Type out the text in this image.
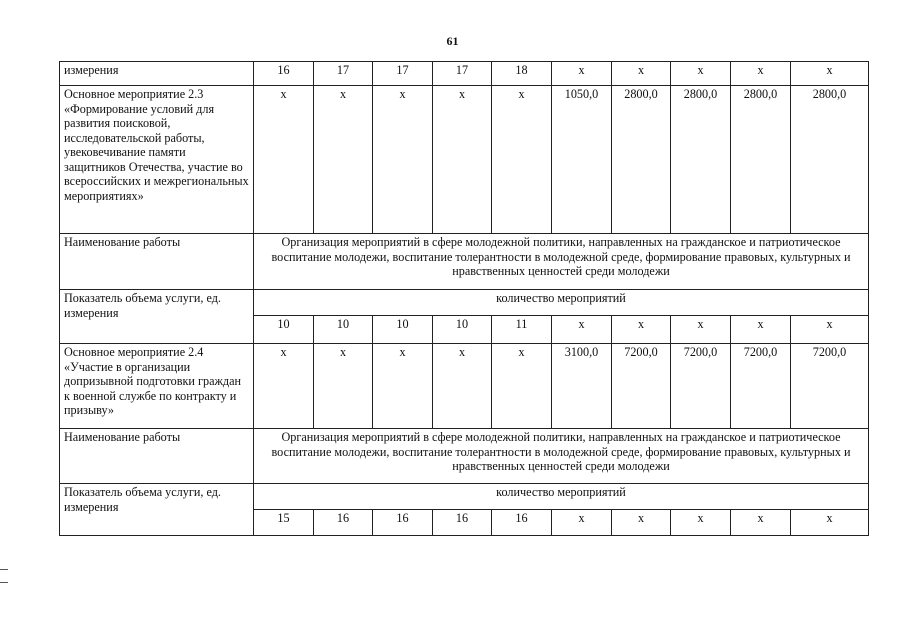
61
измерения	16	17	17	17	18	х	х	х	х	х
Основное мероприятие 2.3 «Формирование условий для развития поисковой, исследовательской работы, увековечивание памяти защитников Отечества, участие во всероссийских и межрегиональных мероприятиях»	х	х	х	х	х	1050,0	2800,0	2800,0	2800,0	2800,0
Наименование работы	Организация мероприятий в сфере молодежной политики, направленных на гражданское и патриотическое воспитание молодежи, воспитание толерантности в молодежной среде, формирование правовых, культурных и нравственных ценностей среди молодежи									
Показатель объема услуги, ед. измерения	количество мероприятий									
	10	10	10	10	11	х	х	х	х	х
Основное мероприятие 2.4 «Участие в организации допризывной подготовки граждан к военной службе по контракту и призыву»	х	х	х	х	х	3100,0	7200,0	7200,0	7200,0	7200,0
Наименование работы	Организация мероприятий в сфере молодежной политики, направленных на гражданское и патриотическое воспитание молодежи, воспитание толерантности в молодежной среде, формирование правовых, культурных и нравственных ценностей среди молодежи									
Показатель объема услуги, ед. измерения	количество мероприятий									
	15	16	16	16	16	х	х	х	х	х
